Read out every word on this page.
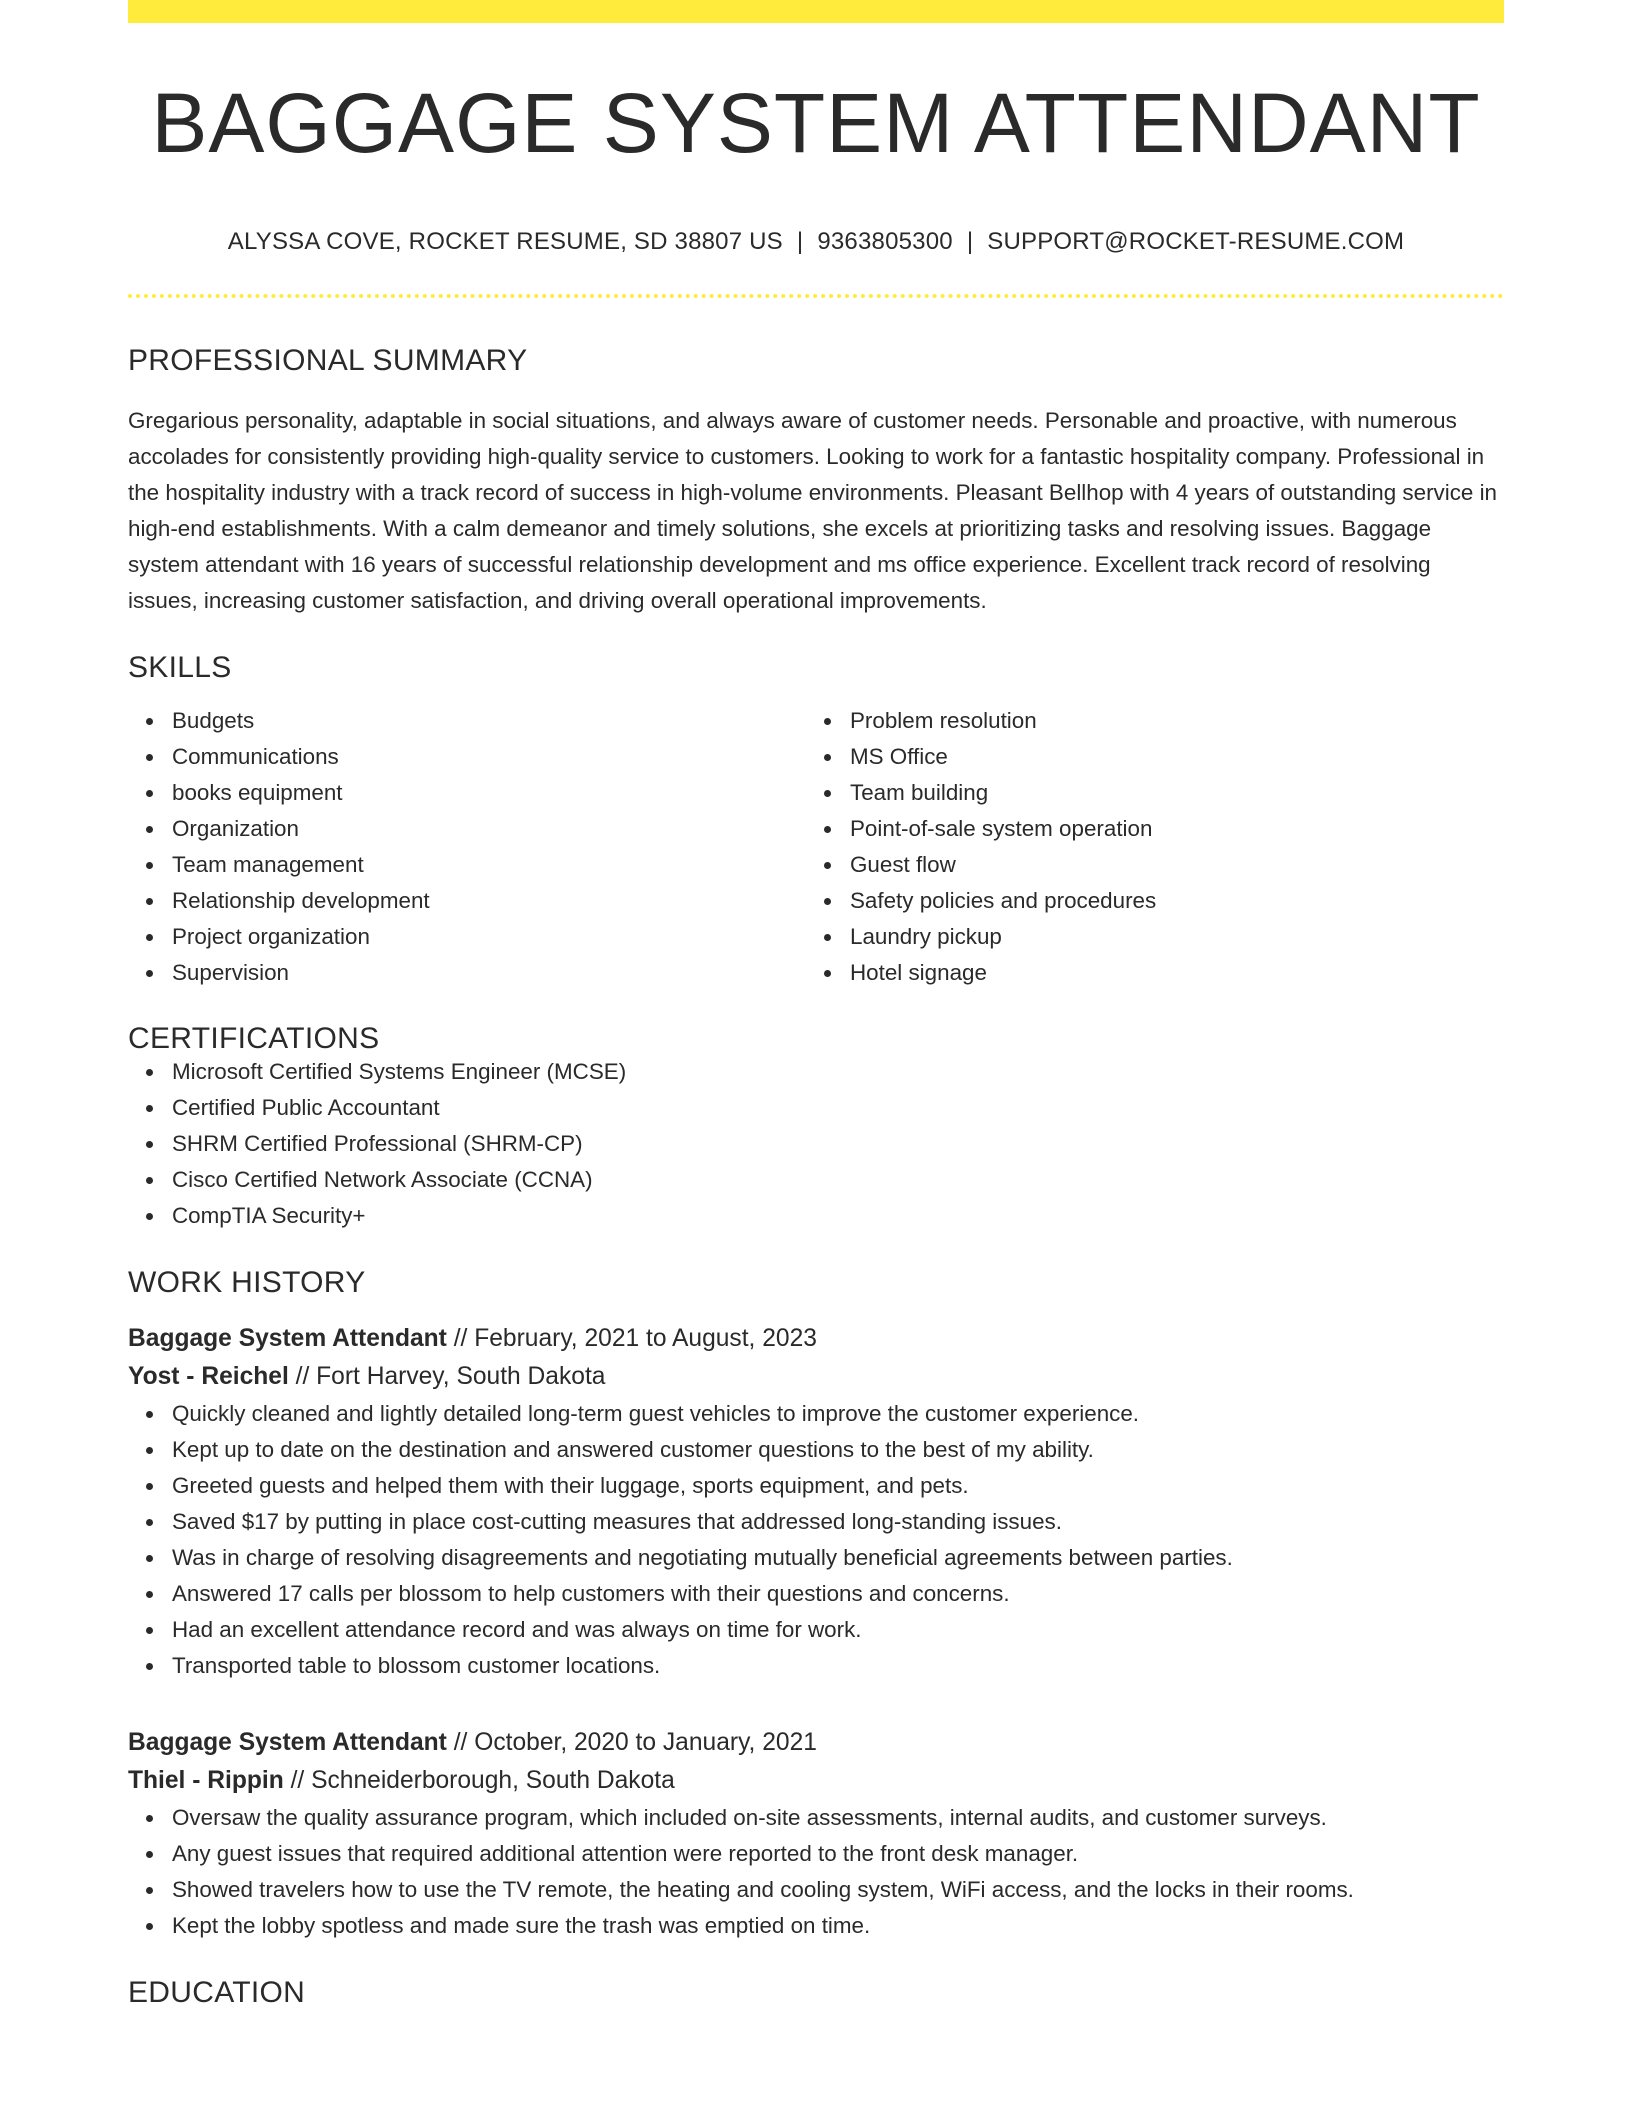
BAGGAGE SYSTEM ATTENDANT
ALYSSA COVE, ROCKET RESUME, SD 38807 US | 9363805300 | SUPPORT@ROCKET-RESUME.COM
PROFESSIONAL SUMMARY
Gregarious personality, adaptable in social situations, and always aware of customer needs. Personable and proactive, with numerous accolades for consistently providing high-quality service to customers. Looking to work for a fantastic hospitality company. Professional in the hospitality industry with a track record of success in high-volume environments. Pleasant Bellhop with 4 years of outstanding service in high-end establishments. With a calm demeanor and timely solutions, she excels at prioritizing tasks and resolving issues. Baggage system attendant with 16 years of successful relationship development and ms office experience. Excellent track record of resolving issues, increasing customer satisfaction, and driving overall operational improvements.
SKILLS
Budgets
Communications
books equipment
Organization
Team management
Relationship development
Project organization
Supervision
Problem resolution
MS Office
Team building
Point-of-sale system operation
Guest flow
Safety policies and procedures
Laundry pickup
Hotel signage
CERTIFICATIONS
Microsoft Certified Systems Engineer (MCSE)
Certified Public Accountant
SHRM Certified Professional (SHRM-CP)
Cisco Certified Network Associate (CCNA)
CompTIA Security+
WORK HISTORY
Baggage System Attendant // February, 2021 to August, 2023
Yost - Reichel // Fort Harvey, South Dakota
Quickly cleaned and lightly detailed long-term guest vehicles to improve the customer experience.
Kept up to date on the destination and answered customer questions to the best of my ability.
Greeted guests and helped them with their luggage, sports equipment, and pets.
Saved $17 by putting in place cost-cutting measures that addressed long-standing issues.
Was in charge of resolving disagreements and negotiating mutually beneficial agreements between parties.
Answered 17 calls per blossom to help customers with their questions and concerns.
Had an excellent attendance record and was always on time for work.
Transported table to blossom customer locations.
Baggage System Attendant // October, 2020 to January, 2021
Thiel - Rippin // Schneiderborough, South Dakota
Oversaw the quality assurance program, which included on-site assessments, internal audits, and customer surveys.
Any guest issues that required additional attention were reported to the front desk manager.
Showed travelers how to use the TV remote, the heating and cooling system, WiFi access, and the locks in their rooms.
Kept the lobby spotless and made sure the trash was emptied on time.
EDUCATION
